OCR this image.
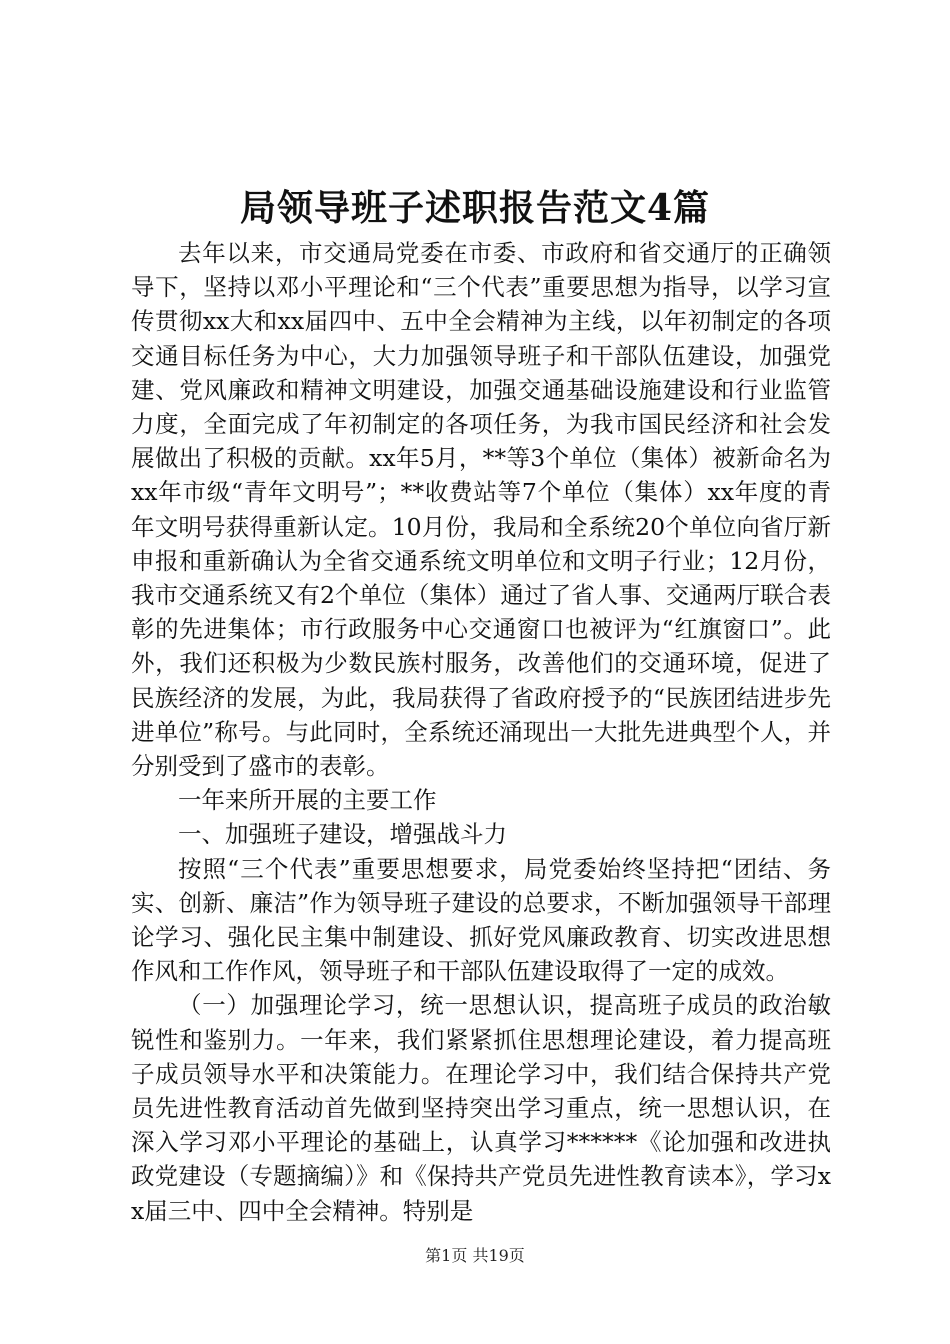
局领导班子述职报告范文4篇

去年以来，市交通局党委在市委、市政府和省交通厅的正确领导下，坚持以邓小平理论和“三个代表”重要思想为指导，以学习宣传贯彻xx大和xx届四中、五中全会精神为主线，以年初制定的各项交通目标任务为中心，大力加强领导班子和干部队伍建设，加强党建、党风廉政和精神文明建设，加强交通基础设施建设和行业监管力度，全面完成了年初制定的各项任务，为我市国民经济和社会发展做出了积极的贡献。xx年5月，**等3个单位（集体）被新命名为xx年市级“青年文明号”；**收费站等7个单位（集体）xx年度的青年文明号获得重新认定。10月份，我局和全系统20个单位向省厅新申报和重新确认为全省交通系统文明单位和文明子行业；12月份，我市交通系统又有2个单位（集体）通过了省人事、交通两厅联合表彰的先进集体；市行政服务中心交通窗口也被评为“红旗窗口”。此外，我们还积极为少数民族村服务，改善他们的交通环境，促进了民族经济的发展，为此，我局获得了省政府授予的“民族团结进步先进单位”称号。与此同时，全系统还涌现出一大批先进典型个人，并分别受到了盛市的表彰。

一年来所开展的主要工作

一、加强班子建设，增强战斗力

按照“三个代表”重要思想要求，局党委始终坚持把“团结、务实、创新、廉洁”作为领导班子建设的总要求，不断加强领导干部理论学习、强化民主集中制建设、抓好党风廉政教育、切实改进思想作风和工作作风，领导班子和干部队伍建设取得了一定的成效。

（一）加强理论学习，统一思想认识，提高班子成员的政治敏锐性和鉴别力。一年来，我们紧紧抓住思想理论建设，着力提高班子成员领导水平和决策能力。在理论学习中，我们结合保持共产党员先进性教育活动首先做到坚持突出学习重点，统一思想认识，在深入学习邓小平理论的基础上，认真学习******《论加强和改进执政党建设（专题摘编）》和《保持共产党员先进性教育读本》，学习xx届三中、四中全会精神。特别是

第1页 共19页
